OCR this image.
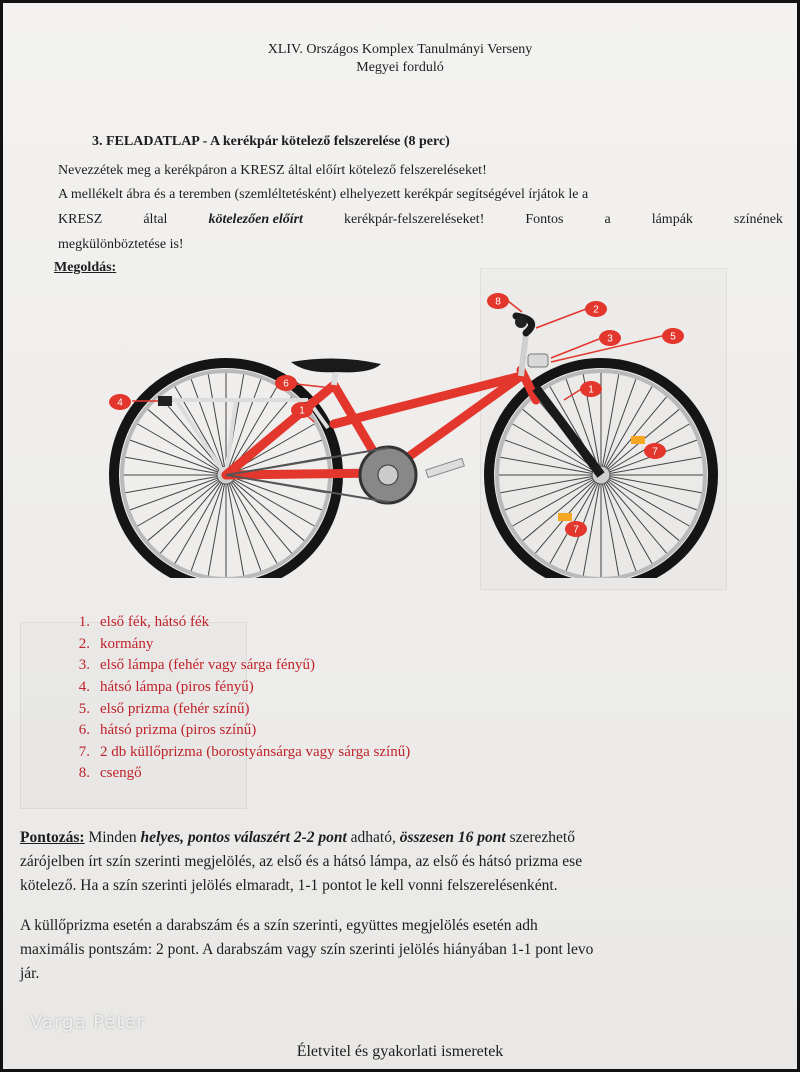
XLIV. Országos Komplex Tanulmányi Verseny
Megyei forduló
3. FELADATLAP - A kerékpár kötelező felszerelése (8 perc)
Nevezzétek meg a kerékpáron a KRESZ által előírt kötelező felszereléseket!
A mellékelt ábra és a teremben (szemléltetésként) elhelyezett kerékpár segítségével írjátok le a
KRESZ	által	kötelezően előírt	kerékpár-felszereléseket!	Fontos	a	lámpák	színének
megkülönböztetése is!
Megoldás:
8
2
3	5
6
1
4
1
7
7
1. első fék, hátsó fék
2. kormány
3. első lámpa (fehér vagy sárga fényű)
4. hátsó lámpa (piros fényű)
5. első prizma (fehér színű)
6. hátsó prizma (piros színű)
7. 2 db küllőprizma (borostyánsárga vagy sárga színű)
8. csengő
Pontozás: Minden helyes, pontos válaszért 2-2 pont adható, összesen 16 pont szerezhető
zárójelben írt szín szerinti megjelölés, az első és a hátsó lámpa, az első és hátsó prizma ese
kötelező. Ha a szín szerinti jelölés elmaradt, 1-1 pontot le kell vonni felszerelésenként.
A küllőprizma esetén a darabszám és a szín szerinti, együttes megjelölés esetén adh
maximális pontszám: 2 pont. A darabszám vagy szín szerinti jelölés hiányában 1-1 pont levo
jár.
Varga Péter
Életvitel és gyakorlati ismeretek
